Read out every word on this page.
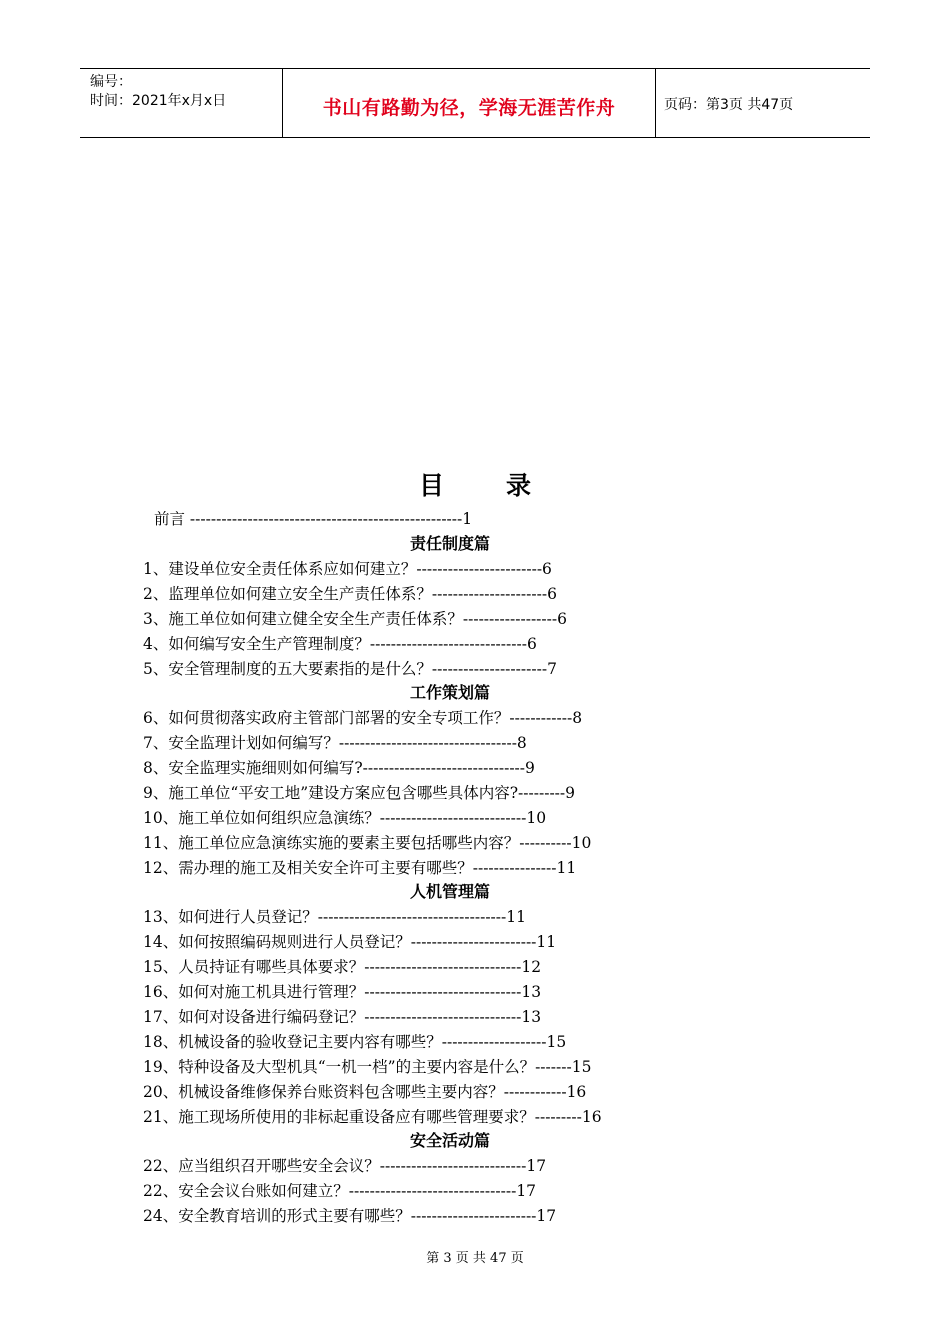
编号：
时间：2021年x月x日	书山有路勤为径，学海无涯苦作舟	页码：第3页 共47页
目录
前言 ----------------------------------------------------1
责任制度篇
1、建设单位安全责任体系应如何建立？------------------------6
2、监理单位如何建立安全生产责任体系？----------------------6
3、施工单位如何建立健全安全生产责任体系？------------------6
4、如何编写安全生产管理制度？------------------------------6
5、安全管理制度的五大要素指的是什么？----------------------7
工作策划篇
6、如何贯彻落实政府主管部门部署的安全专项工作？------------8
7、安全监理计划如何编写？----------------------------------8
8、安全监理实施细则如何编写?-------------------------------9
9、施工单位“平安工地”建设方案应包含哪些具体内容?---------9
10、施工单位如何组织应急演练？----------------------------10
11、施工单位应急演练实施的要素主要包括哪些内容？----------10
12、需办理的施工及相关安全许可主要有哪些？----------------11
人机管理篇
13、如何进行人员登记？------------------------------------11
14、如何按照编码规则进行人员登记？------------------------11
15、人员持证有哪些具体要求？------------------------------12
16、如何对施工机具进行管理？------------------------------13
17、如何对设备进行编码登记？------------------------------13
18、机械设备的验收登记主要内容有哪些？--------------------15
19、特种设备及大型机具“一机一档”的主要内容是什么？-------15
20、机械设备维修保养台账资料包含哪些主要内容？------------16
21、施工现场所使用的非标起重设备应有哪些管理要求？---------16
安全活动篇
22、应当组织召开哪些安全会议？----------------------------17
22、安全会议台账如何建立？--------------------------------17
24、安全教育培训的形式主要有哪些？------------------------17
第 3 页 共 47 页
